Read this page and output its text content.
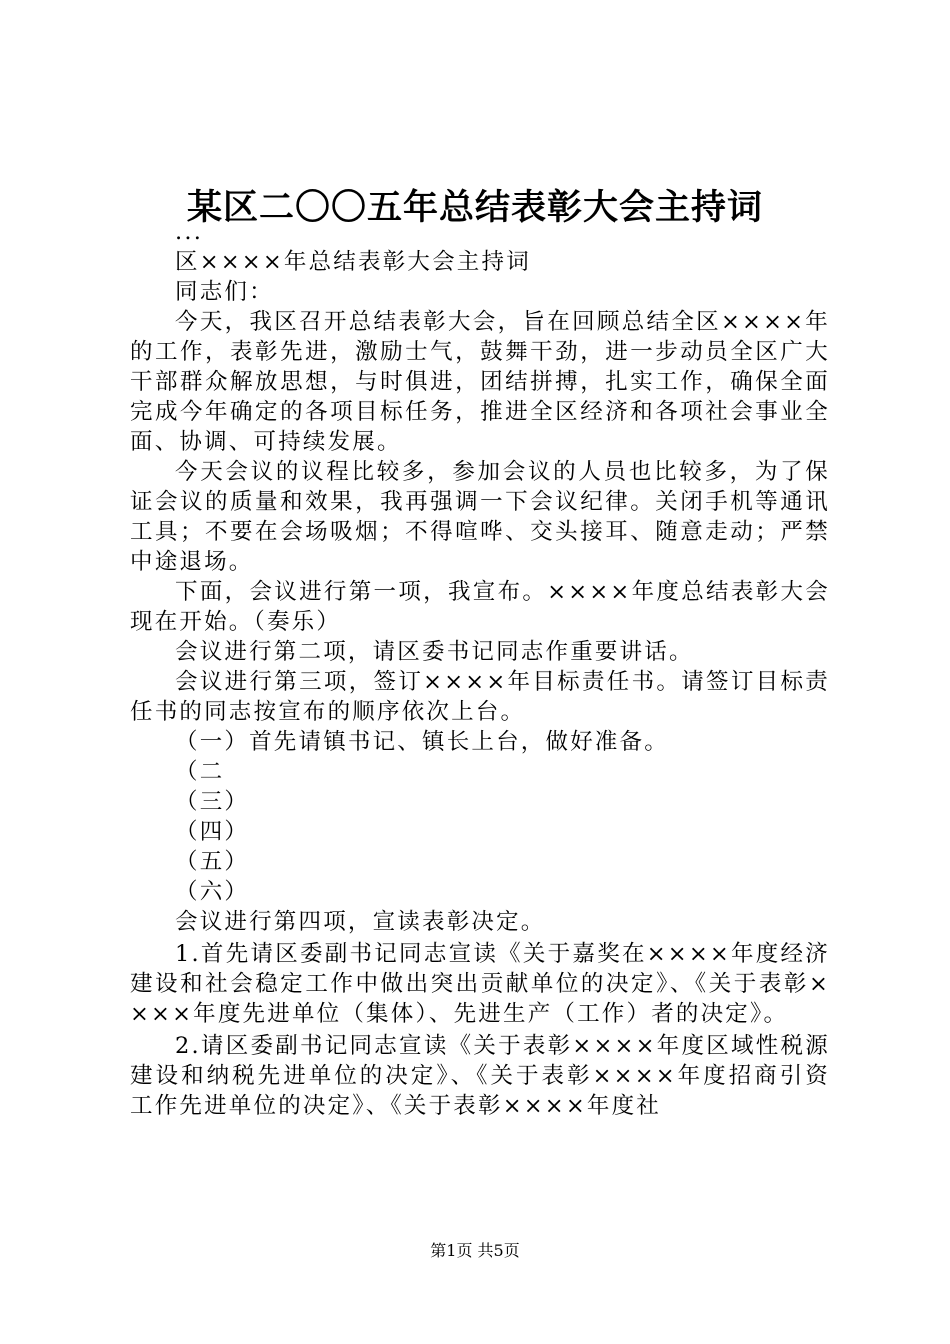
某区二〇〇五年总结表彰大会主持词

...

区××××年总结表彰大会主持词

同志们：

今天，我区召开总结表彰大会，旨在回顾总结全区××××年的工作，表彰先进，激励士气，鼓舞干劲，进一步动员全区广大干部群众解放思想，与时俱进，团结拼搏，扎实工作，确保全面完成今年确定的各项目标任务，推进全区经济和各项社会事业全面、协调、可持续发展。

今天会议的议程比较多，参加会议的人员也比较多，为了保证会议的质量和效果，我再强调一下会议纪律。关闭手机等通讯工具；不要在会场吸烟；不得喧哗、交头接耳、随意走动；严禁中途退场。

下面，会议进行第一项，我宣布。××××年度总结表彰大会现在开始。（奏乐）

会议进行第二项，请区委书记同志作重要讲话。

会议进行第三项，签订××××年目标责任书。请签订目标责任书的同志按宣布的顺序依次上台。

（一）首先请镇书记、镇长上台，做好准备。

（二

（三）

（四）

（五）

（六）

会议进行第四项，宣读表彰决定。

1.首先请区委副书记同志宣读《关于嘉奖在××××年度经济建设和社会稳定工作中做出突出贡献单位的决定》、《关于表彰××××年度先进单位（集体）、先进生产（工作）者的决定》。

2.请区委副书记同志宣读《关于表彰××××年度区域性税源建设和纳税先进单位的决定》、《关于表彰××××年度招商引资工作先进单位的决定》、《关于表彰××××年度社

第1页 共5页
